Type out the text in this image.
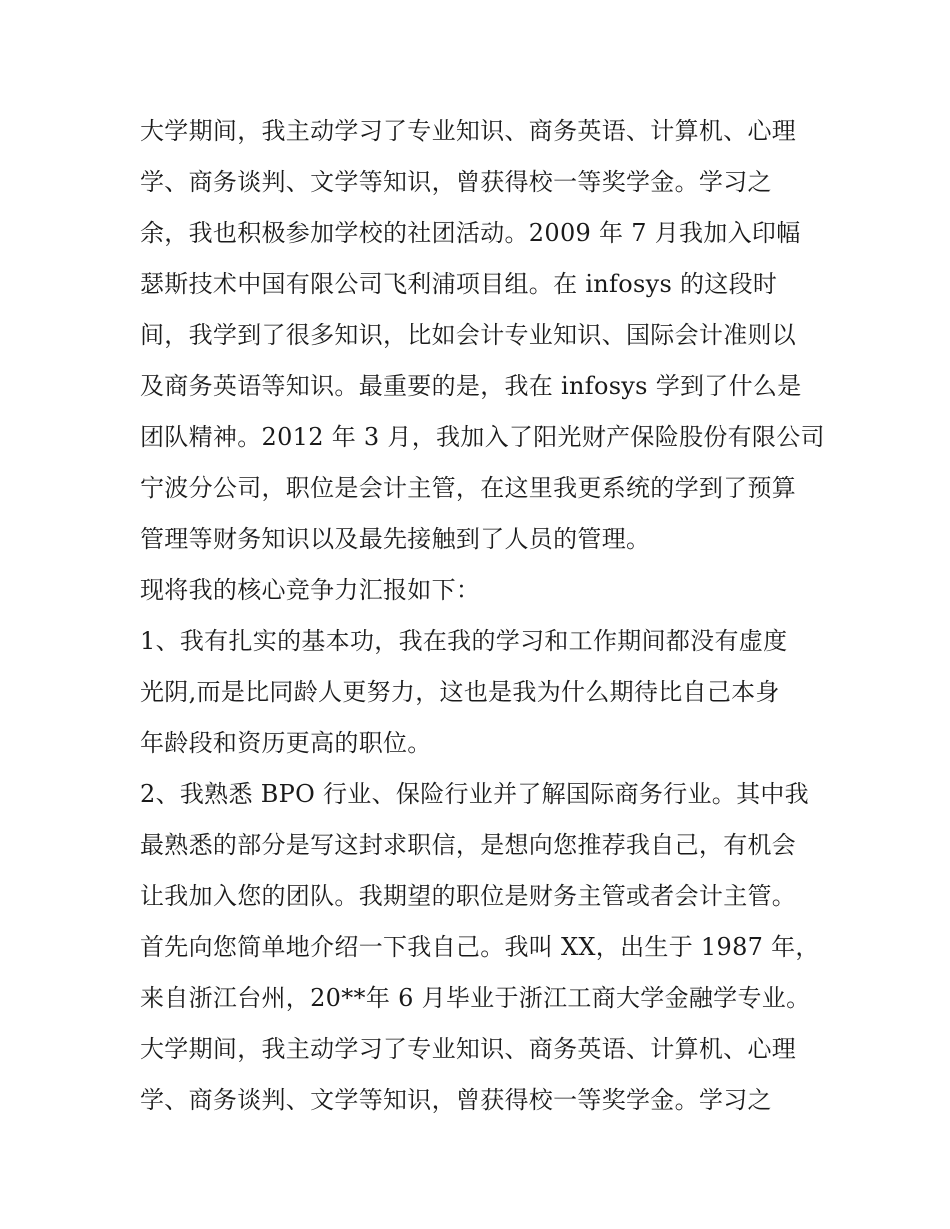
大学期间，我主动学习了专业知识、商务英语、计算机、心理
学、商务谈判、文学等知识，曾获得校一等奖学金。学习之
余，我也积极参加学校的社团活动。2009 年 7 月我加入印幅
瑟斯技术中国有限公司飞利浦项目组。在 infosys 的这段时
间，我学到了很多知识，比如会计专业知识、国际会计准则以
及商务英语等知识。最重要的是，我在 infosys 学到了什么是
团队精神。2012 年 3 月，我加入了阳光财产保险股份有限公司
宁波分公司，职位是会计主管，在这里我更系统的学到了预算
管理等财务知识以及最先接触到了人员的管理。
现将我的核心竞争力汇报如下：
1、我有扎实的基本功，我在我的学习和工作期间都没有虚度
光阴,而是比同龄人更努力，这也是我为什么期待比自己本身
年龄段和资历更高的职位。
2、我熟悉 BPO 行业、保险行业并了解国际商务行业。其中我
最熟悉的部分是写这封求职信，是想向您推荐我自己，有机会
让我加入您的团队。我期望的职位是财务主管或者会计主管。
首先向您简单地介绍一下我自己。我叫 XX，出生于 1987 年，
来自浙江台州，20**年 6 月毕业于浙江工商大学金融学专业。
大学期间，我主动学习了专业知识、商务英语、计算机、心理
学、商务谈判、文学等知识，曾获得校一等奖学金。学习之
